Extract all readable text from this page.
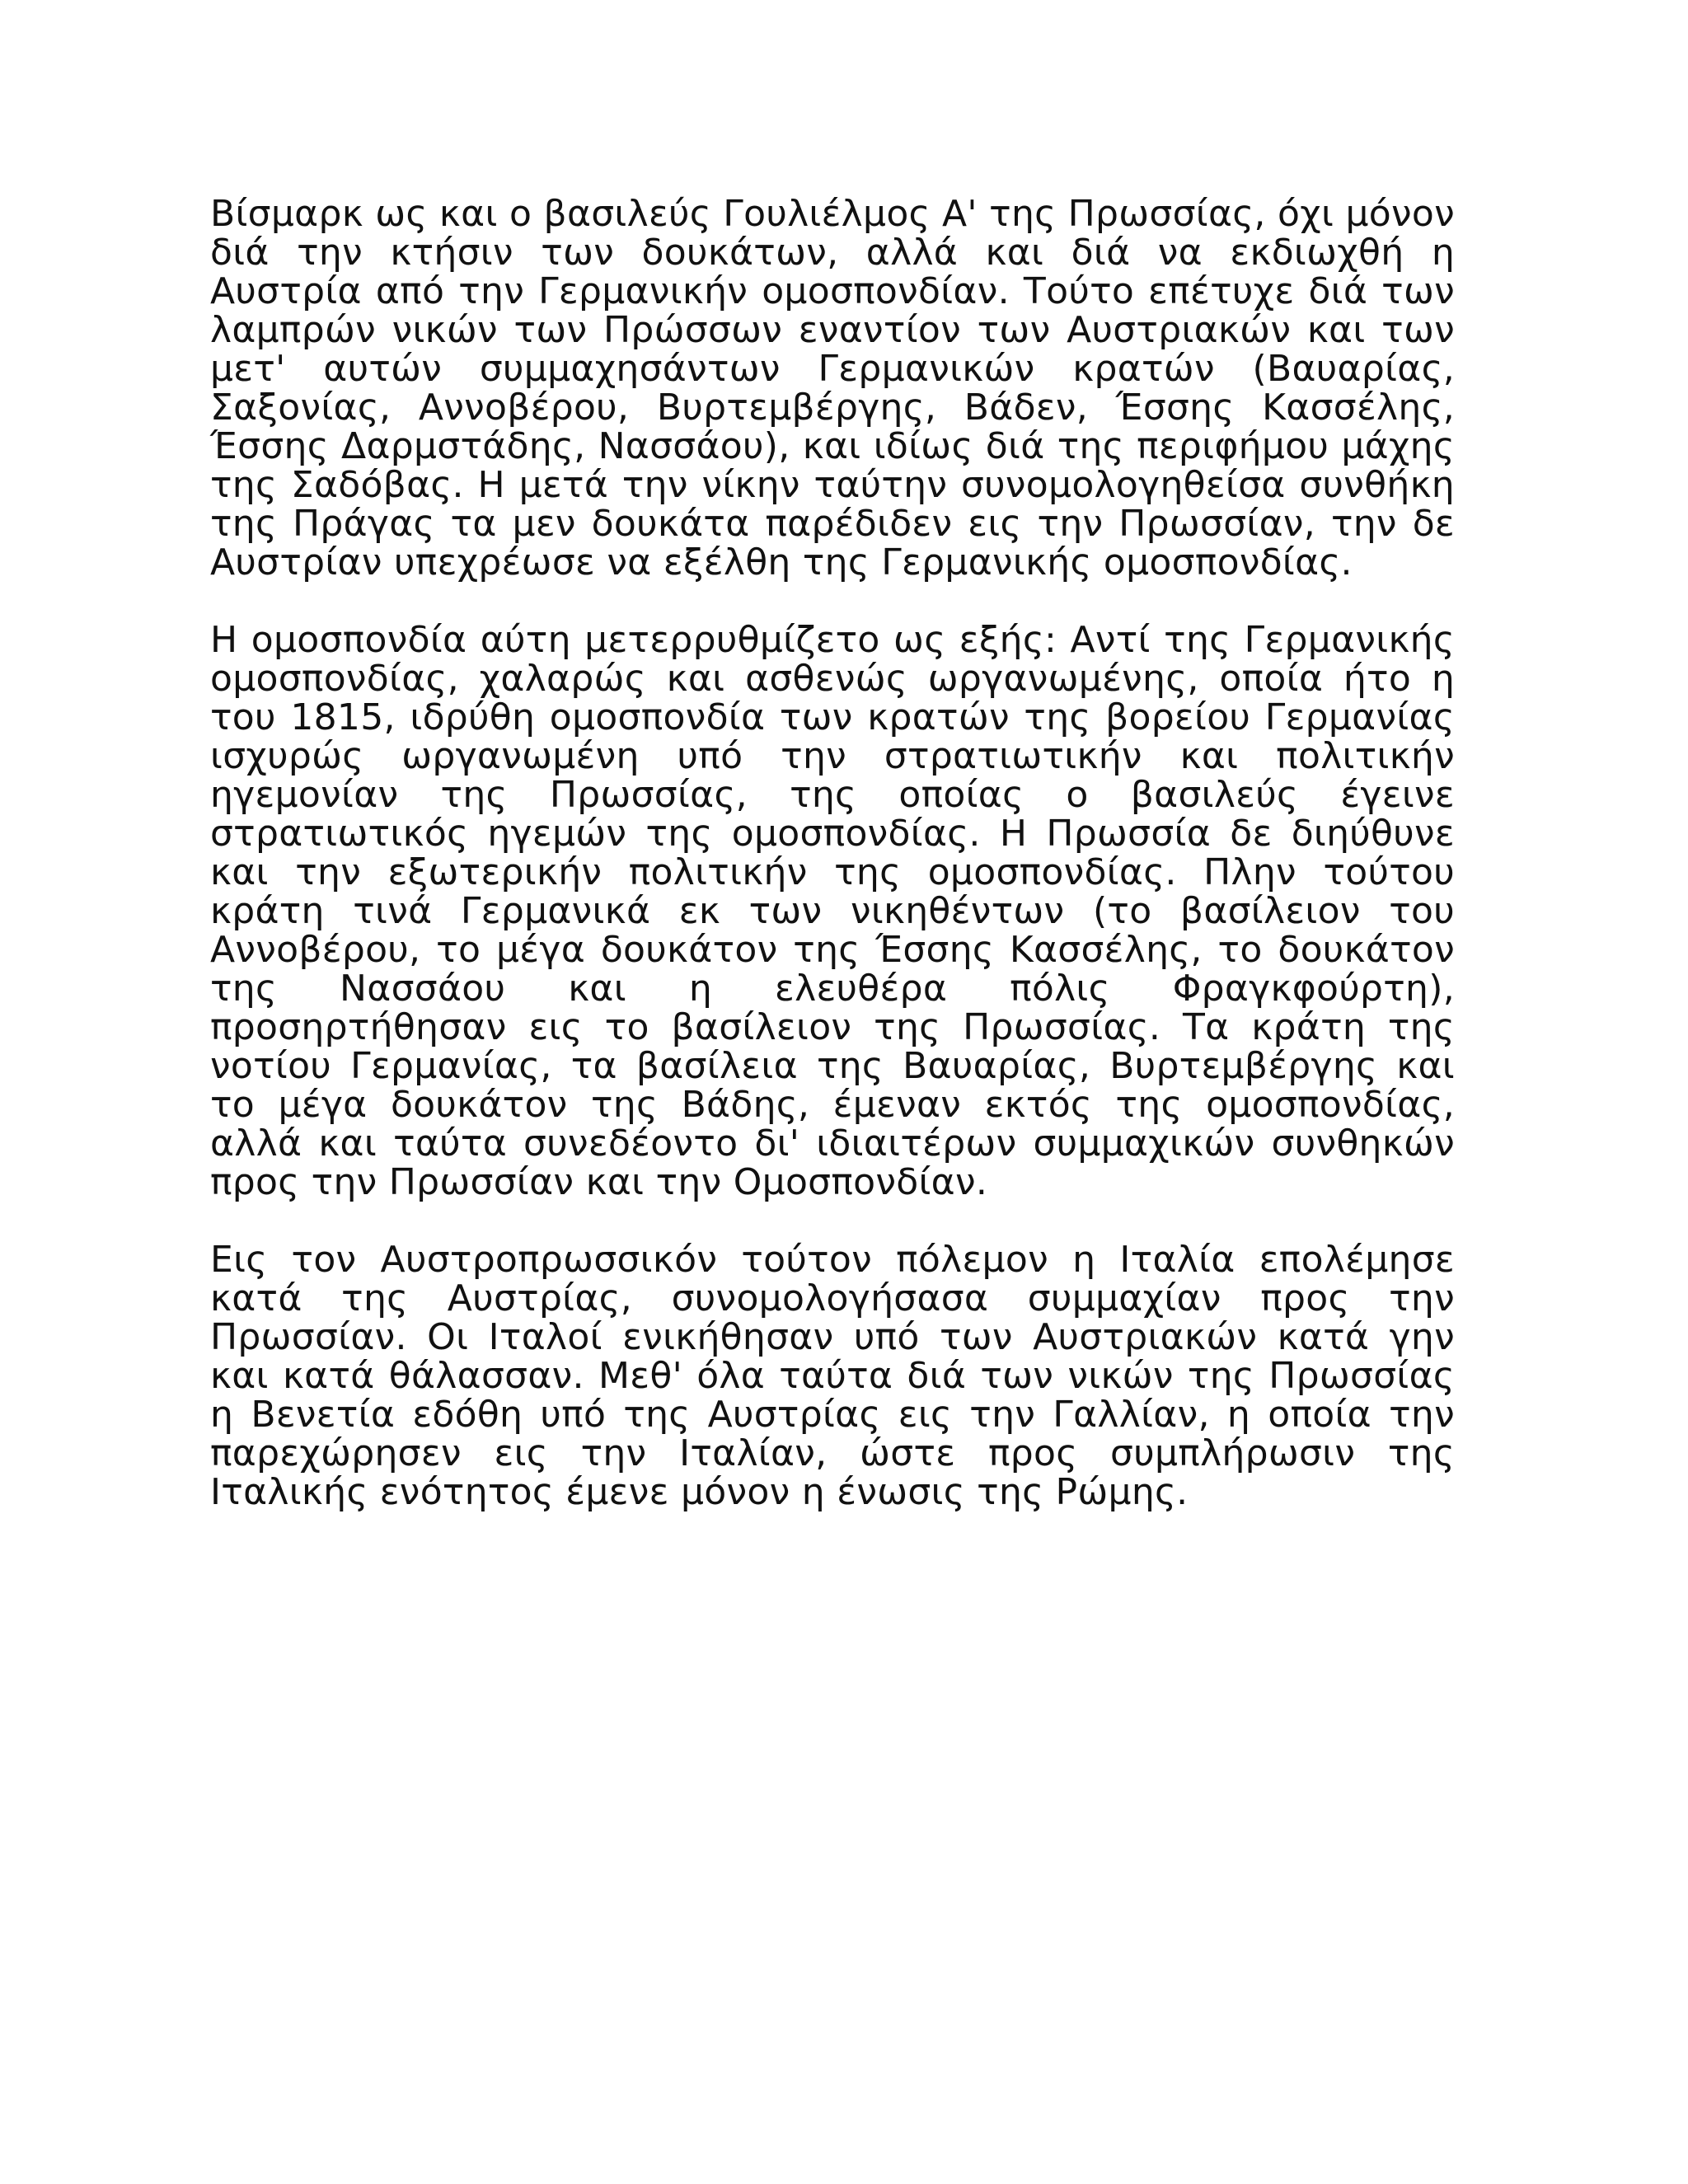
Βίσμαρκ ως και ο βασιλεύς Γουλιέλμος Α' της Πρωσσίας, όχι μόνον διά την κτήσιν των δουκάτων, αλλά και διά να εκδιωχθή η Αυστρία από την Γερμανικήν ομοσπονδίαν. Τούτο επέτυχε διά των λαμπρών νικών των Πρώσσων εναντίον των Αυστριακών και των μετ' αυτών συμμαχησάντων Γερμανικών κρατών (Βαυαρίας, Σαξονίας, Αννοβέρου, Βυρτεμβέργης, Βάδεν, Έσσης Κασσέλης, Έσσης Δαρμστάδης, Νασσάου), και ιδίως διά της περιφήμου μάχης της Σαδόβας. Η μετά την νίκην ταύτην συνομολογηθείσα συνθήκη της Πράγας τα μεν δουκάτα παρέδιδεν εις την Πρωσσίαν, την δε Αυστρίαν υπεχρέωσε να εξέλθη της Γερμανικής ομοσπονδίας.

Η ομοσπονδία αύτη μετερρυθμίζετο ως εξής: Αντί της Γερμανικής ομοσπονδίας, χαλαρώς και ασθενώς ωργανωμένης, οποία ήτο η του 1815, ιδρύθη ομοσπονδία των κρατών της βορείου Γερμανίας ισχυρώς ωργανωμένη υπό την στρατιωτικήν και πολιτικήν ηγεμονίαν της Πρωσσίας, της οποίας ο βασιλεύς έγεινε στρατιωτικός ηγεμών της ομοσπονδίας. Η Πρωσσία δε διηύθυνε και την εξωτερικήν πολιτικήν της ομοσπονδίας. Πλην τούτου κράτη τινά Γερμανικά εκ των νικηθέντων (το βασίλειον του Αννοβέρου, το μέγα δουκάτον της Έσσης Κασσέλης, το δουκάτον της Νασσάου και η ελευθέρα πόλις Φραγκφούρτη), προσηρτήθησαν εις το βασίλειον της Πρωσσίας. Τα κράτη της νοτίου Γερμανίας, τα βασίλεια της Βαυαρίας, Βυρτεμβέργης και το μέγα δουκάτον της Βάδης, έμεναν εκτός της ομοσπονδίας, αλλά και ταύτα συνεδέοντο δι' ιδιαιτέρων συμμαχικών συνθηκών προς την Πρωσσίαν και την Ομοσπονδίαν.

Εις τον Αυστροπρωσσικόν τούτον πόλεμον η Ιταλία επολέμησε κατά της Αυστρίας, συνομολογήσασα συμμαχίαν προς την Πρωσσίαν. Οι Ιταλοί ενικήθησαν υπό των Αυστριακών κατά γην και κατά θάλασσαν. Μεθ' όλα ταύτα διά των νικών της Πρωσσίας η Βενετία εδόθη υπό της Αυστρίας εις την Γαλλίαν, η οποία την παρεχώρησεν εις την Ιταλίαν, ώστε προς συμπλήρωσιν της Ιταλικής ενότητος έμενε μόνον η ένωσις της Ρώμης.
